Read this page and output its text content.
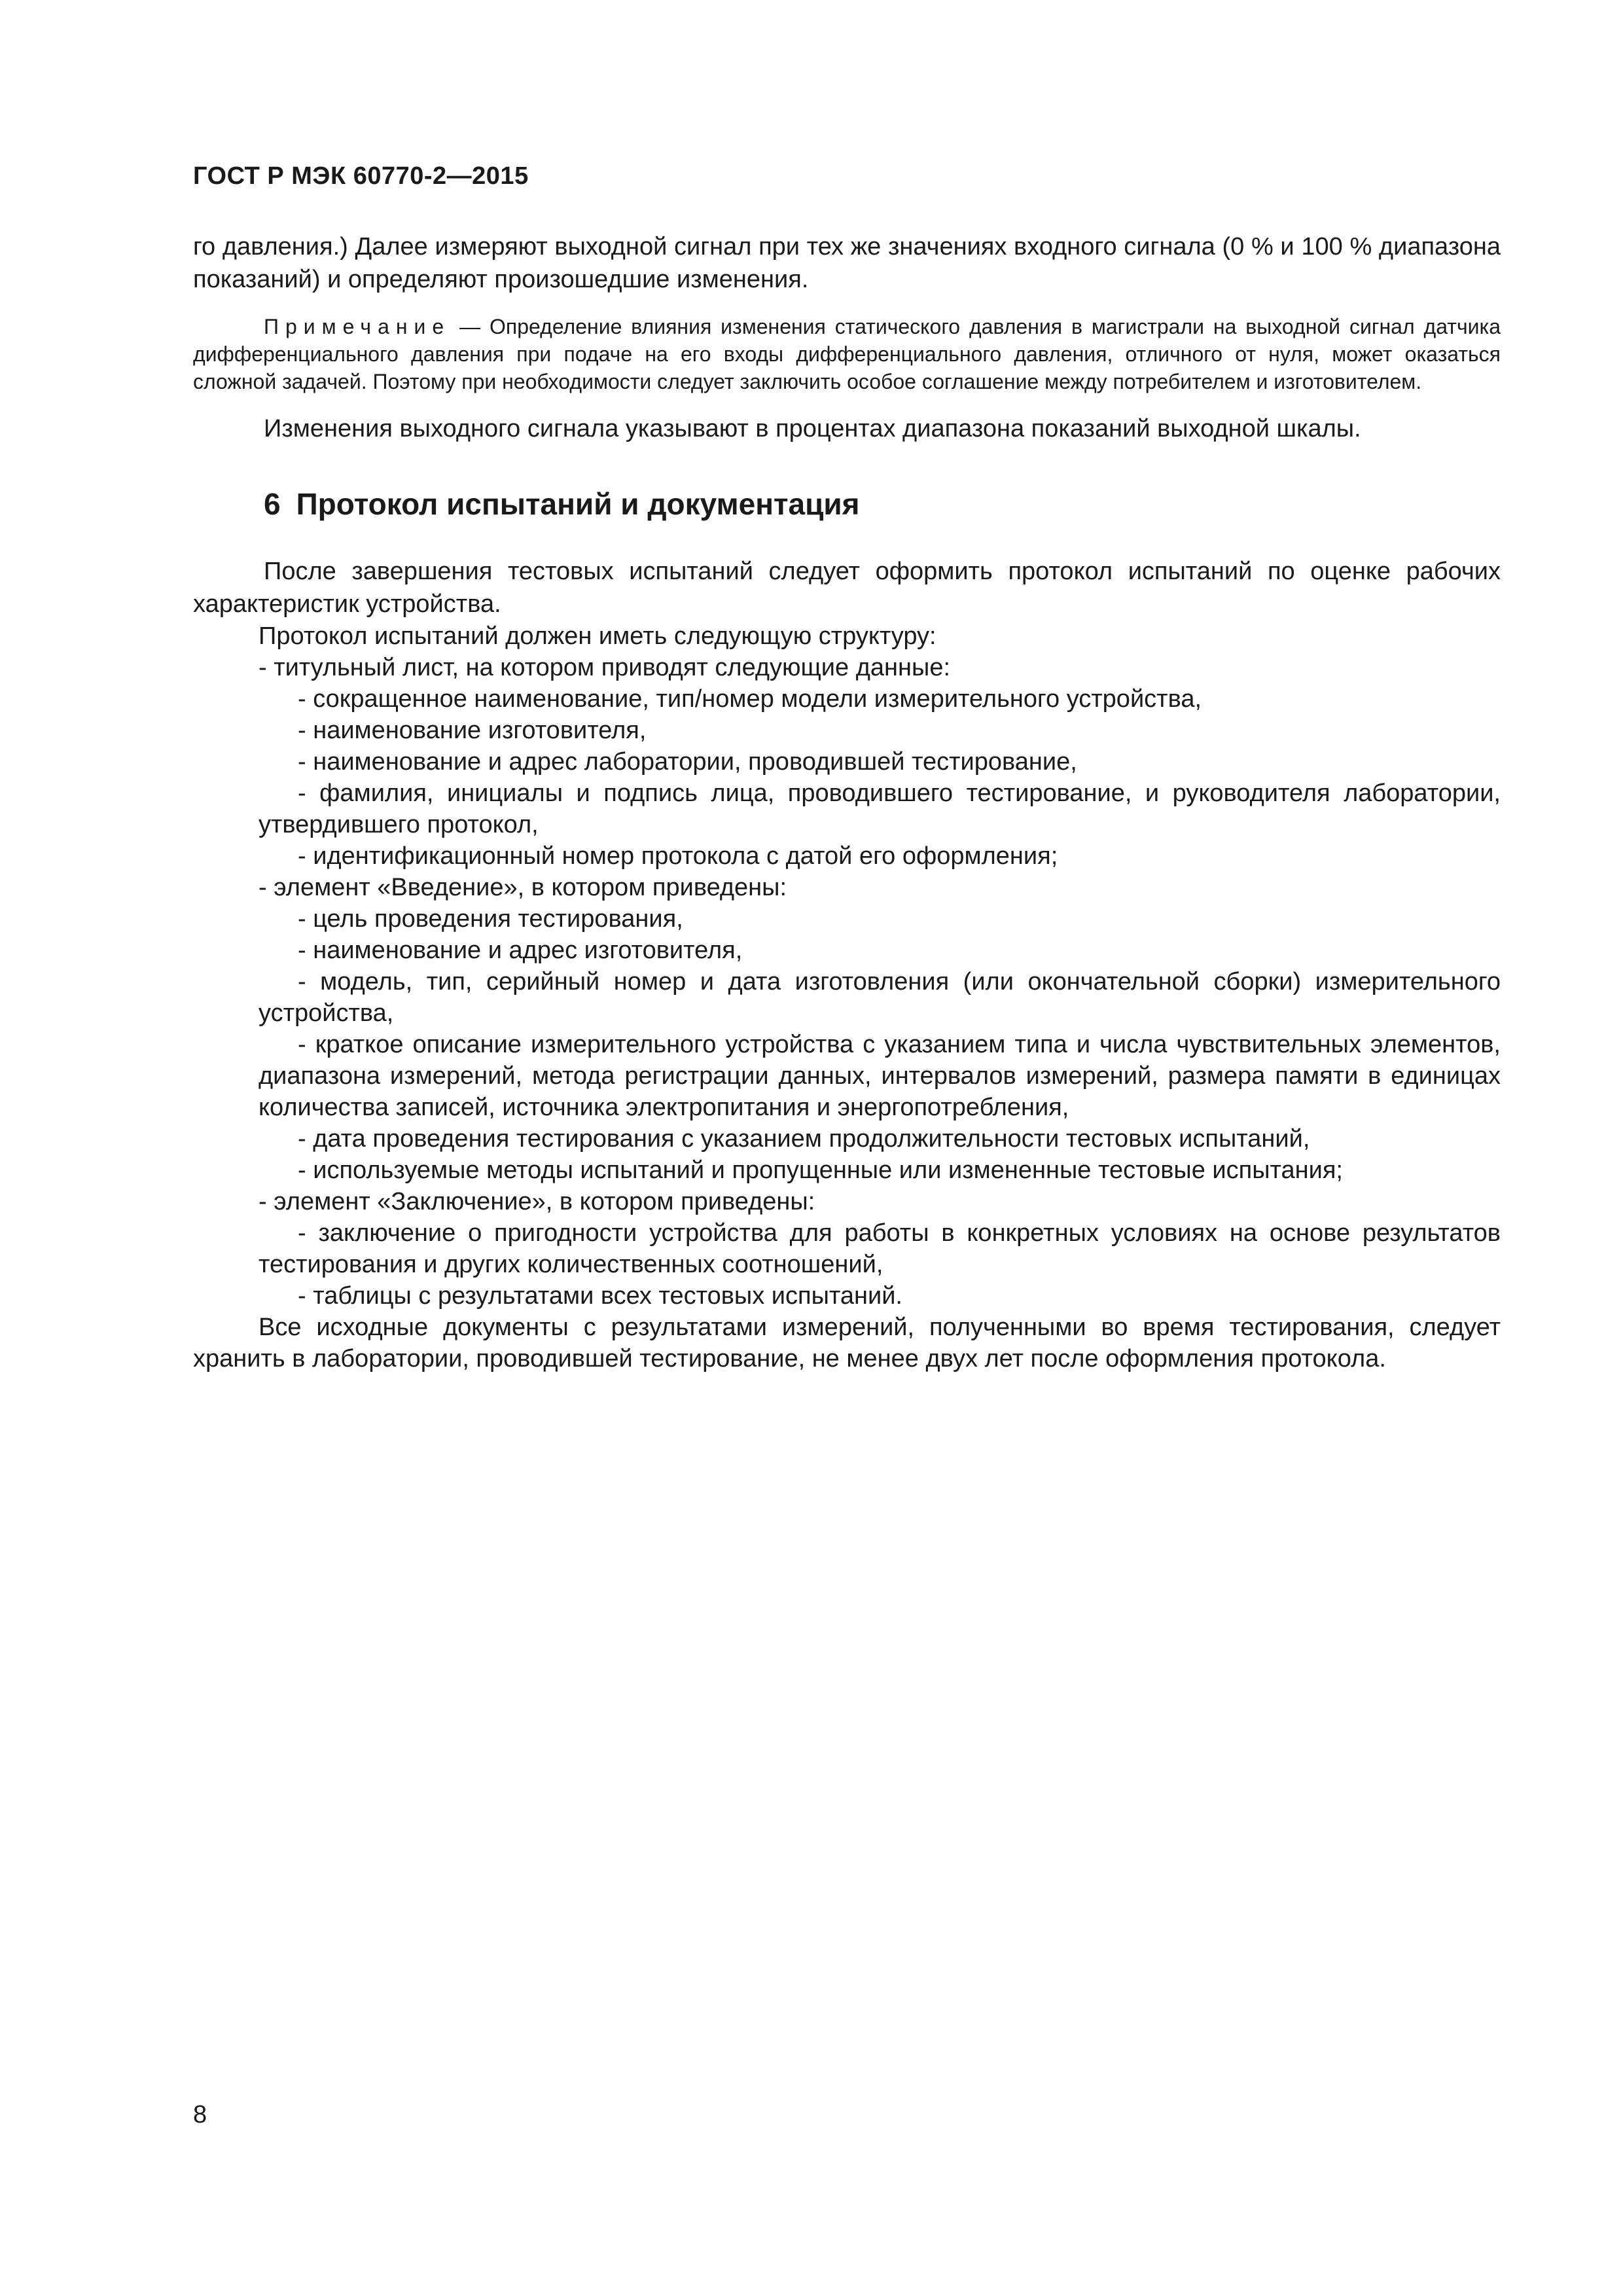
ГОСТ Р МЭК 60770-2—2015

го давления.) Далее измеряют выходной сигнал при тех же значениях входного сигнала (0 % и 100 % диапазона показаний) и определяют произошедшие изменения.

Примечание — Определение влияния изменения статического давления в магистрали на выходной сигнал датчика дифференциального давления при подаче на его входы дифференциального давления, отличного от нуля, может оказаться сложной задачей. Поэтому при необходимости следует заключить особое соглашение между потребителем и изготовителем.

Изменения выходного сигнала указывают в процентах диапазона показаний выходной шкалы.

6 Протокол испытаний и документация

После завершения тестовых испытаний следует оформить протокол испытаний по оценке рабочих характеристик устройства.

Протокол испытаний должен иметь следующую структуру:

- титульный лист, на котором приводят следующие данные:

- сокращенное наименование, тип/номер модели измерительного устройства,

- наименование изготовителя,

- наименование и адрес лаборатории, проводившей тестирование,

- фамилия, инициалы и подпись лица, проводившего тестирование, и руководителя лаборатории, утвердившего протокол,

- идентификационный номер протокола с датой его оформления;

- элемент «Введение», в котором приведены:

- цель проведения тестирования,

- наименование и адрес изготовителя,

- модель, тип, серийный номер и дата изготовления (или окончательной сборки) измерительного устройства,

- краткое описание измерительного устройства с указанием типа и числа чувствительных элементов, диапазона измерений, метода регистрации данных, интервалов измерений, размера памяти в единицах количества записей, источника электропитания и энергопотребления,

- дата проведения тестирования с указанием продолжительности тестовых испытаний,

- используемые методы испытаний и пропущенные или измененные тестовые испытания;

- элемент «Заключение», в котором приведены:

- заключение о пригодности устройства для работы в конкретных условиях на основе результатов тестирования и других количественных соотношений,

- таблицы с результатами всех тестовых испытаний.

Все исходные документы с результатами измерений, полученными во время тестирования, следует хранить в лаборатории, проводившей тестирование, не менее двух лет после оформления протокола.

8
